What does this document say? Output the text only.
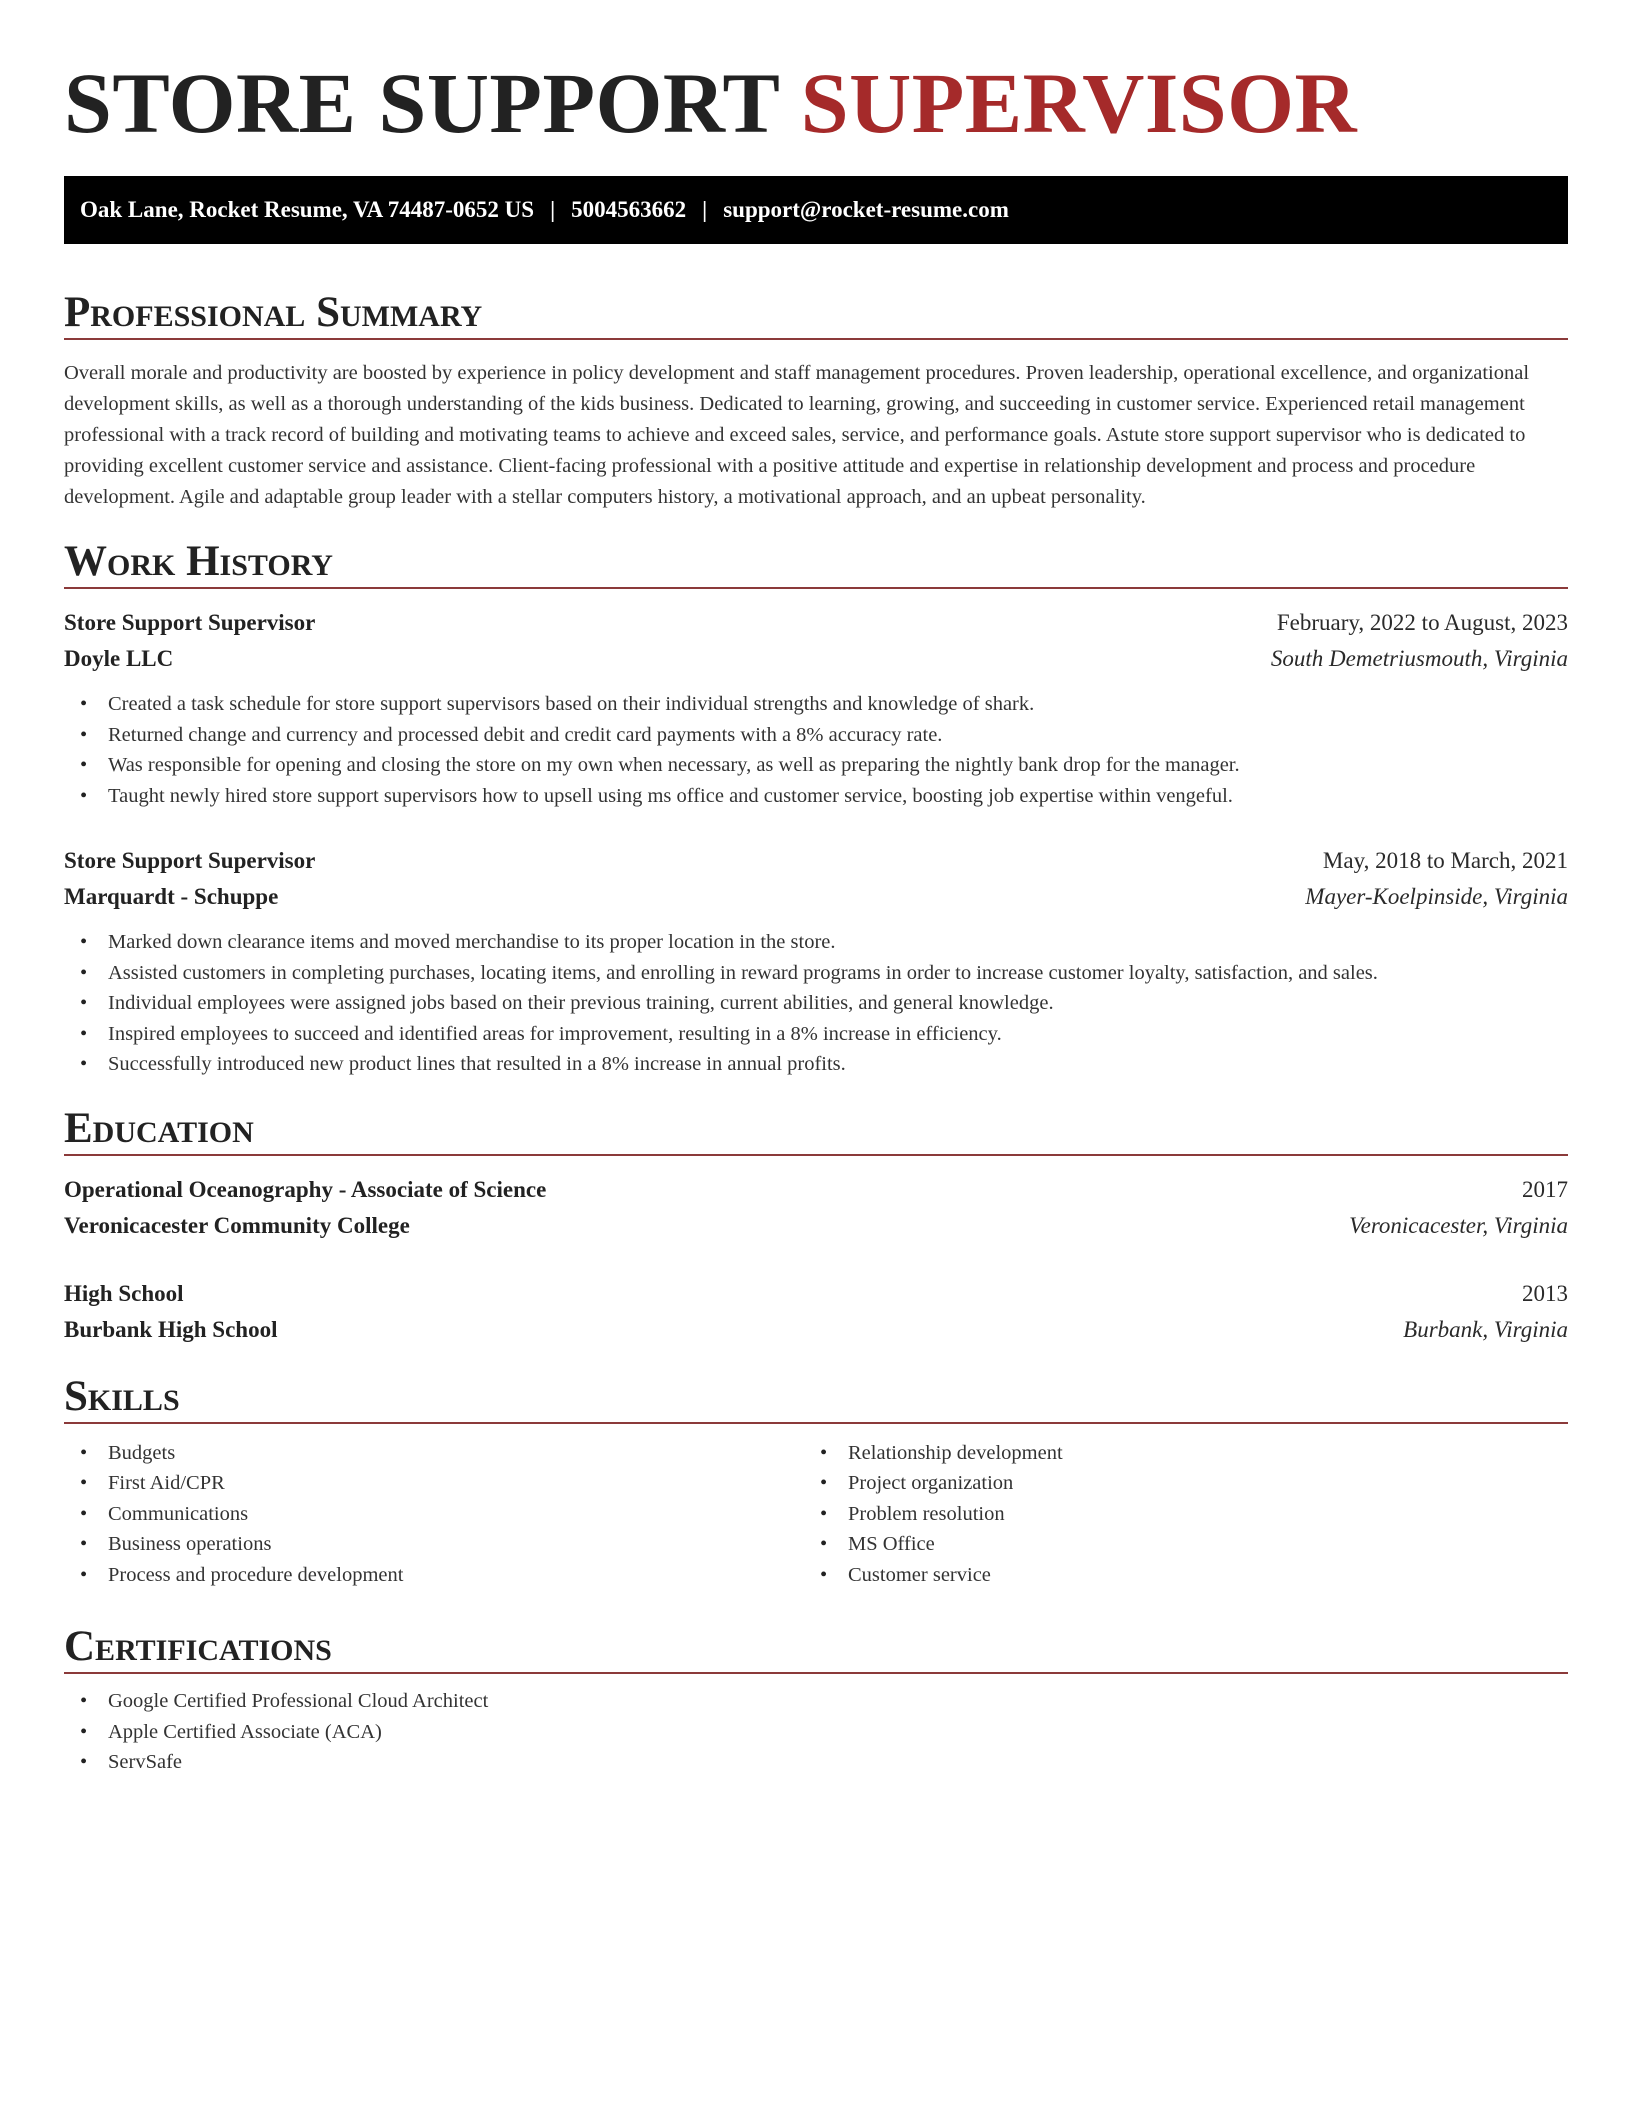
STORE SUPPORT SUPERVISOR
Oak Lane, Rocket Resume, VA 74487-0652 US | 5004563662 | support@rocket-resume.com
Professional Summary

Overall morale and productivity are boosted by experience in policy development and staff management procedures. Proven leadership, operational excellence, and organizational development skills, as well as a thorough understanding of the kids business. Dedicated to learning, growing, and succeeding in customer service. Experienced retail management professional with a track record of building and motivating teams to achieve and exceed sales, service, and performance goals. Astute store support supervisor who is dedicated to providing excellent customer service and assistance. Client-facing professional with a positive attitude and expertise in relationship development and process and procedure development. Agile and adaptable group leader with a stellar computers history, a motivational approach, and an upbeat personality.

Work History
Store Support Supervisor	February, 2022 to August, 2023
Doyle LLC	South Demetriusmouth, Virginia
• Created a task schedule for store support supervisors based on their individual strengths and knowledge of shark.
• Returned change and currency and processed debit and credit card payments with a 8% accuracy rate.
• Was responsible for opening and closing the store on my own when necessary, as well as preparing the nightly bank drop for the manager.
• Taught newly hired store support supervisors how to upsell using ms office and customer service, boosting job expertise within vengeful.
Store Support Supervisor	May, 2018 to March, 2021
Marquardt - Schuppe	Mayer-Koelpinside, Virginia
• Marked down clearance items and moved merchandise to its proper location in the store.
• Assisted customers in completing purchases, locating items, and enrolling in reward programs in order to increase customer loyalty, satisfaction, and sales.
• Individual employees were assigned jobs based on their previous training, current abilities, and general knowledge.
• Inspired employees to succeed and identified areas for improvement, resulting in a 8% increase in efficiency.
• Successfully introduced new product lines that resulted in a 8% increase in annual profits.
Education
Operational Oceanography - Associate of Science	2017
Veronicacester Community College	Veronicacester, Virginia
High School	2013
Burbank High School	Burbank, Virginia
Skills
• Budgets
• First Aid/CPR
• Communications
• Business operations
• Process and procedure development
• Relationship development
• Project organization
• Problem resolution
• MS Office
• Customer service
Certifications
• Google Certified Professional Cloud Architect
• Apple Certified Associate (ACA)
• ServSafe
